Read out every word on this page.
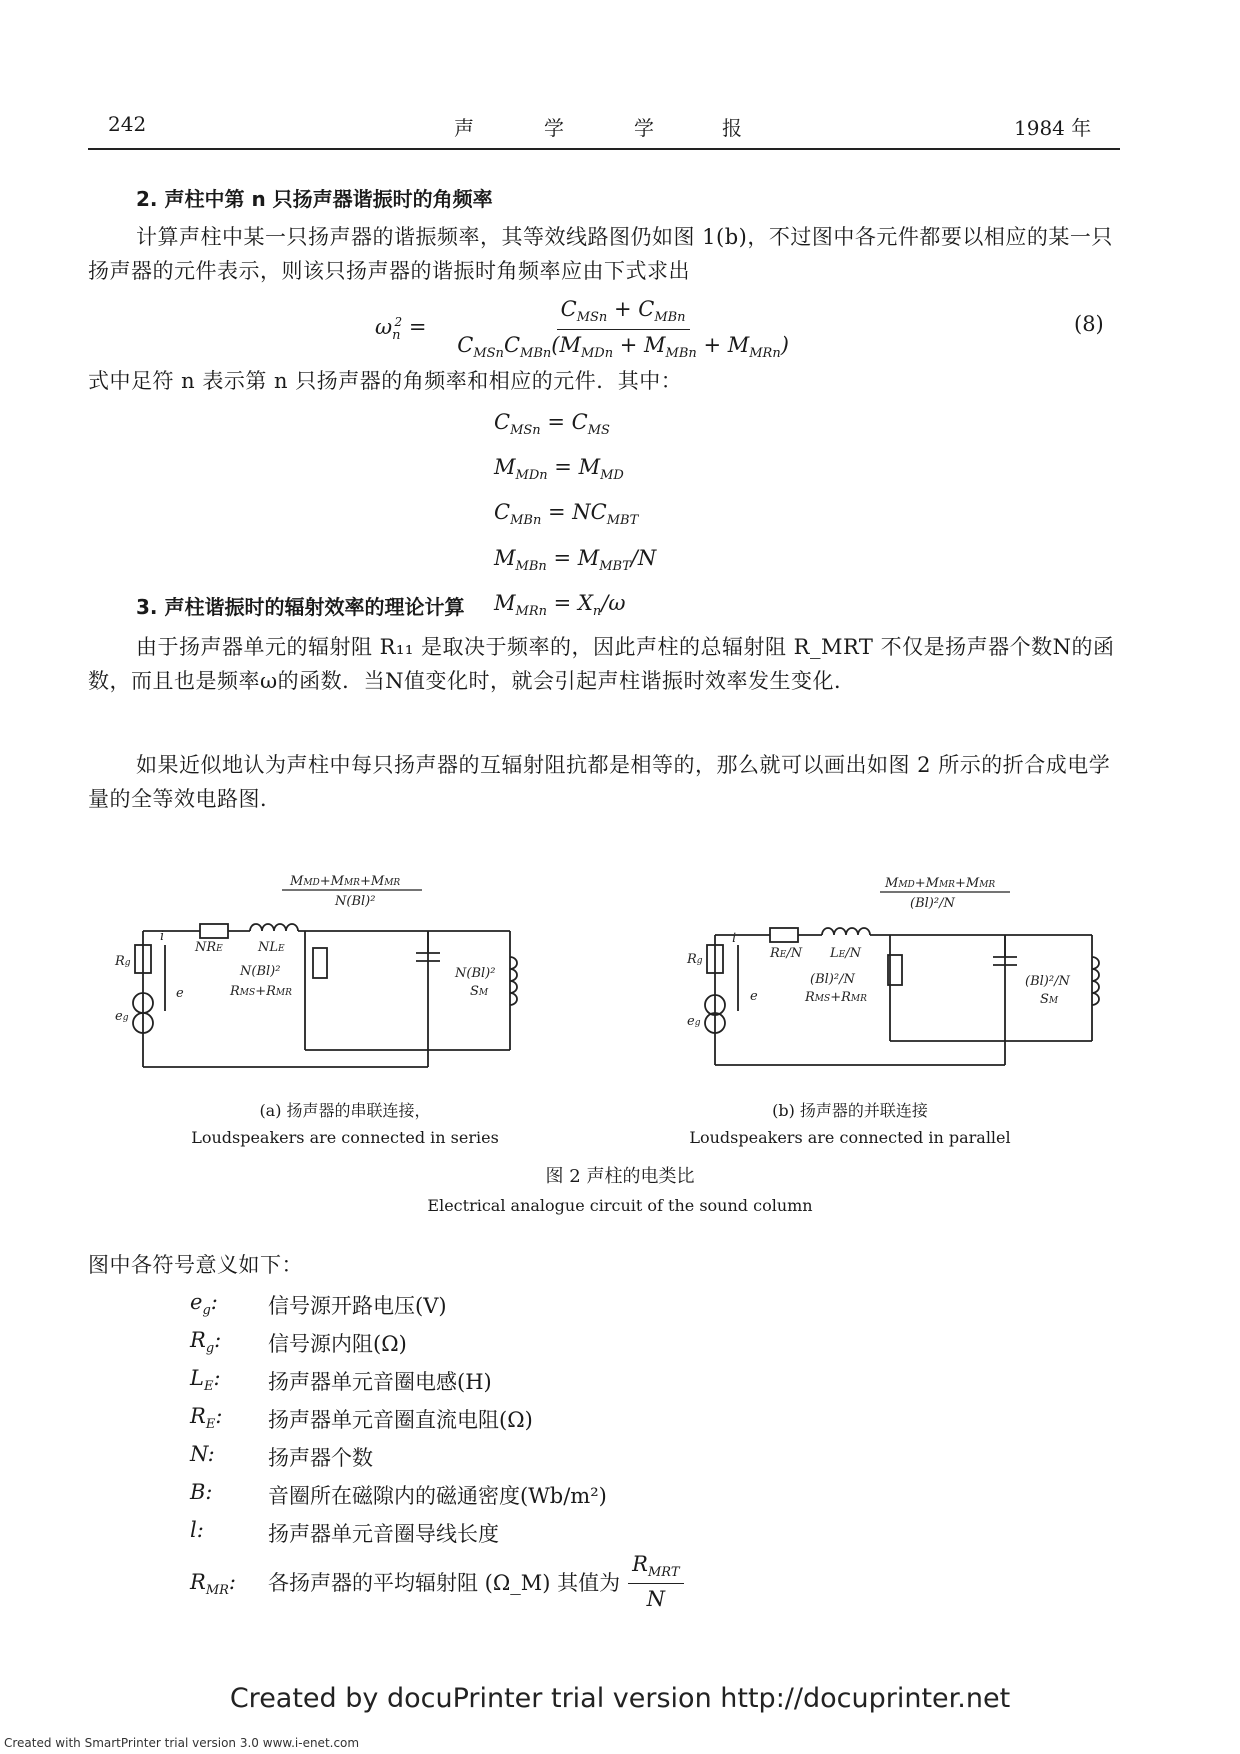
242	声	学	学	报	1984 年
2. 声柱中第 n 只扬声器谐振时的角频率
计算声柱中某一只扬声器的谐振频率，其等效线路图仍如图 1(b)，不过图中各元件都要以相应的某一只扬声器的元件表示，则该只扬声器的谐振时角频率应由下式求出
$\omega_n^2 = \frac{C_{MSn} + C_{MBn}}{C_{MSn}C_{MBn}(M_{MDn} + M_{MBn} + M_{MRn})}$	(8)
式中足符 n 表示第 n 只扬声器的角频率和相应的元件．其中：
$C_{MSn} = C_{MS}$
$M_{MDn} = M_{MD}$
$C_{MBn} = NC_{MBT}$
$M_{MBn} = M_{MBT}/N$
$M_{MRn} = X_n/\omega$
3. 声柱谐振时的辐射效率的理论计算
由于扬声器单元的辐射阻 R₁₁ 是取决于频率的，因此声柱的总辐射阻 R_MRT 不仅是扬声器个数N的函数，而且也是频率ω的函数．当N值变化时，就会引起声柱谐振时效率发生变化．
如果近似地认为声柱中每只扬声器的互辐射阻抗都是相等的，那么就可以画出如图 2 所示的折合成电学量的全等效电路图．
MMD+MMR+MMR
N(Bl)²
NRE	NLE
Rg
eg
i
e
N(Bl)²
RMS+RMR
N(Bl)²
SM
MMD+MMR+MMR
(Bl)²/N
RE/N LE/N
Rg
eg
i
e
(Bl)²/N
RMS+RMR
(Bl)²/N
SM
(a) 扬声器的串联连接，
Loudspeakers are connected in series
(b) 扬声器的并联连接
Loudspeakers are connected in parallel
图 2 声柱的电类比
Electrical analogue circuit of the sound column
图中各符号意义如下：
$e_g$:	信号源开路电压(V)
$R_g$:	信号源内阻(Ω)
$L_E$:	扬声器单元音圈电感(H)
$R_E$:	扬声器单元音圈直流电阻(Ω)
N:	扬声器个数
B:	音圈所在磁隙内的磁通密度(Wb/m²)
l:	扬声器单元音圈导线长度
$R_{MR}$:	各扬声器的平均辐射阻 (Ω_M) 其值为 $\frac{R_{MRT}}{N}$
Created by docuPrinter trial version http://docuprinter.net
Created with SmartPrinter trial version 3.0 www.i-enet.com
